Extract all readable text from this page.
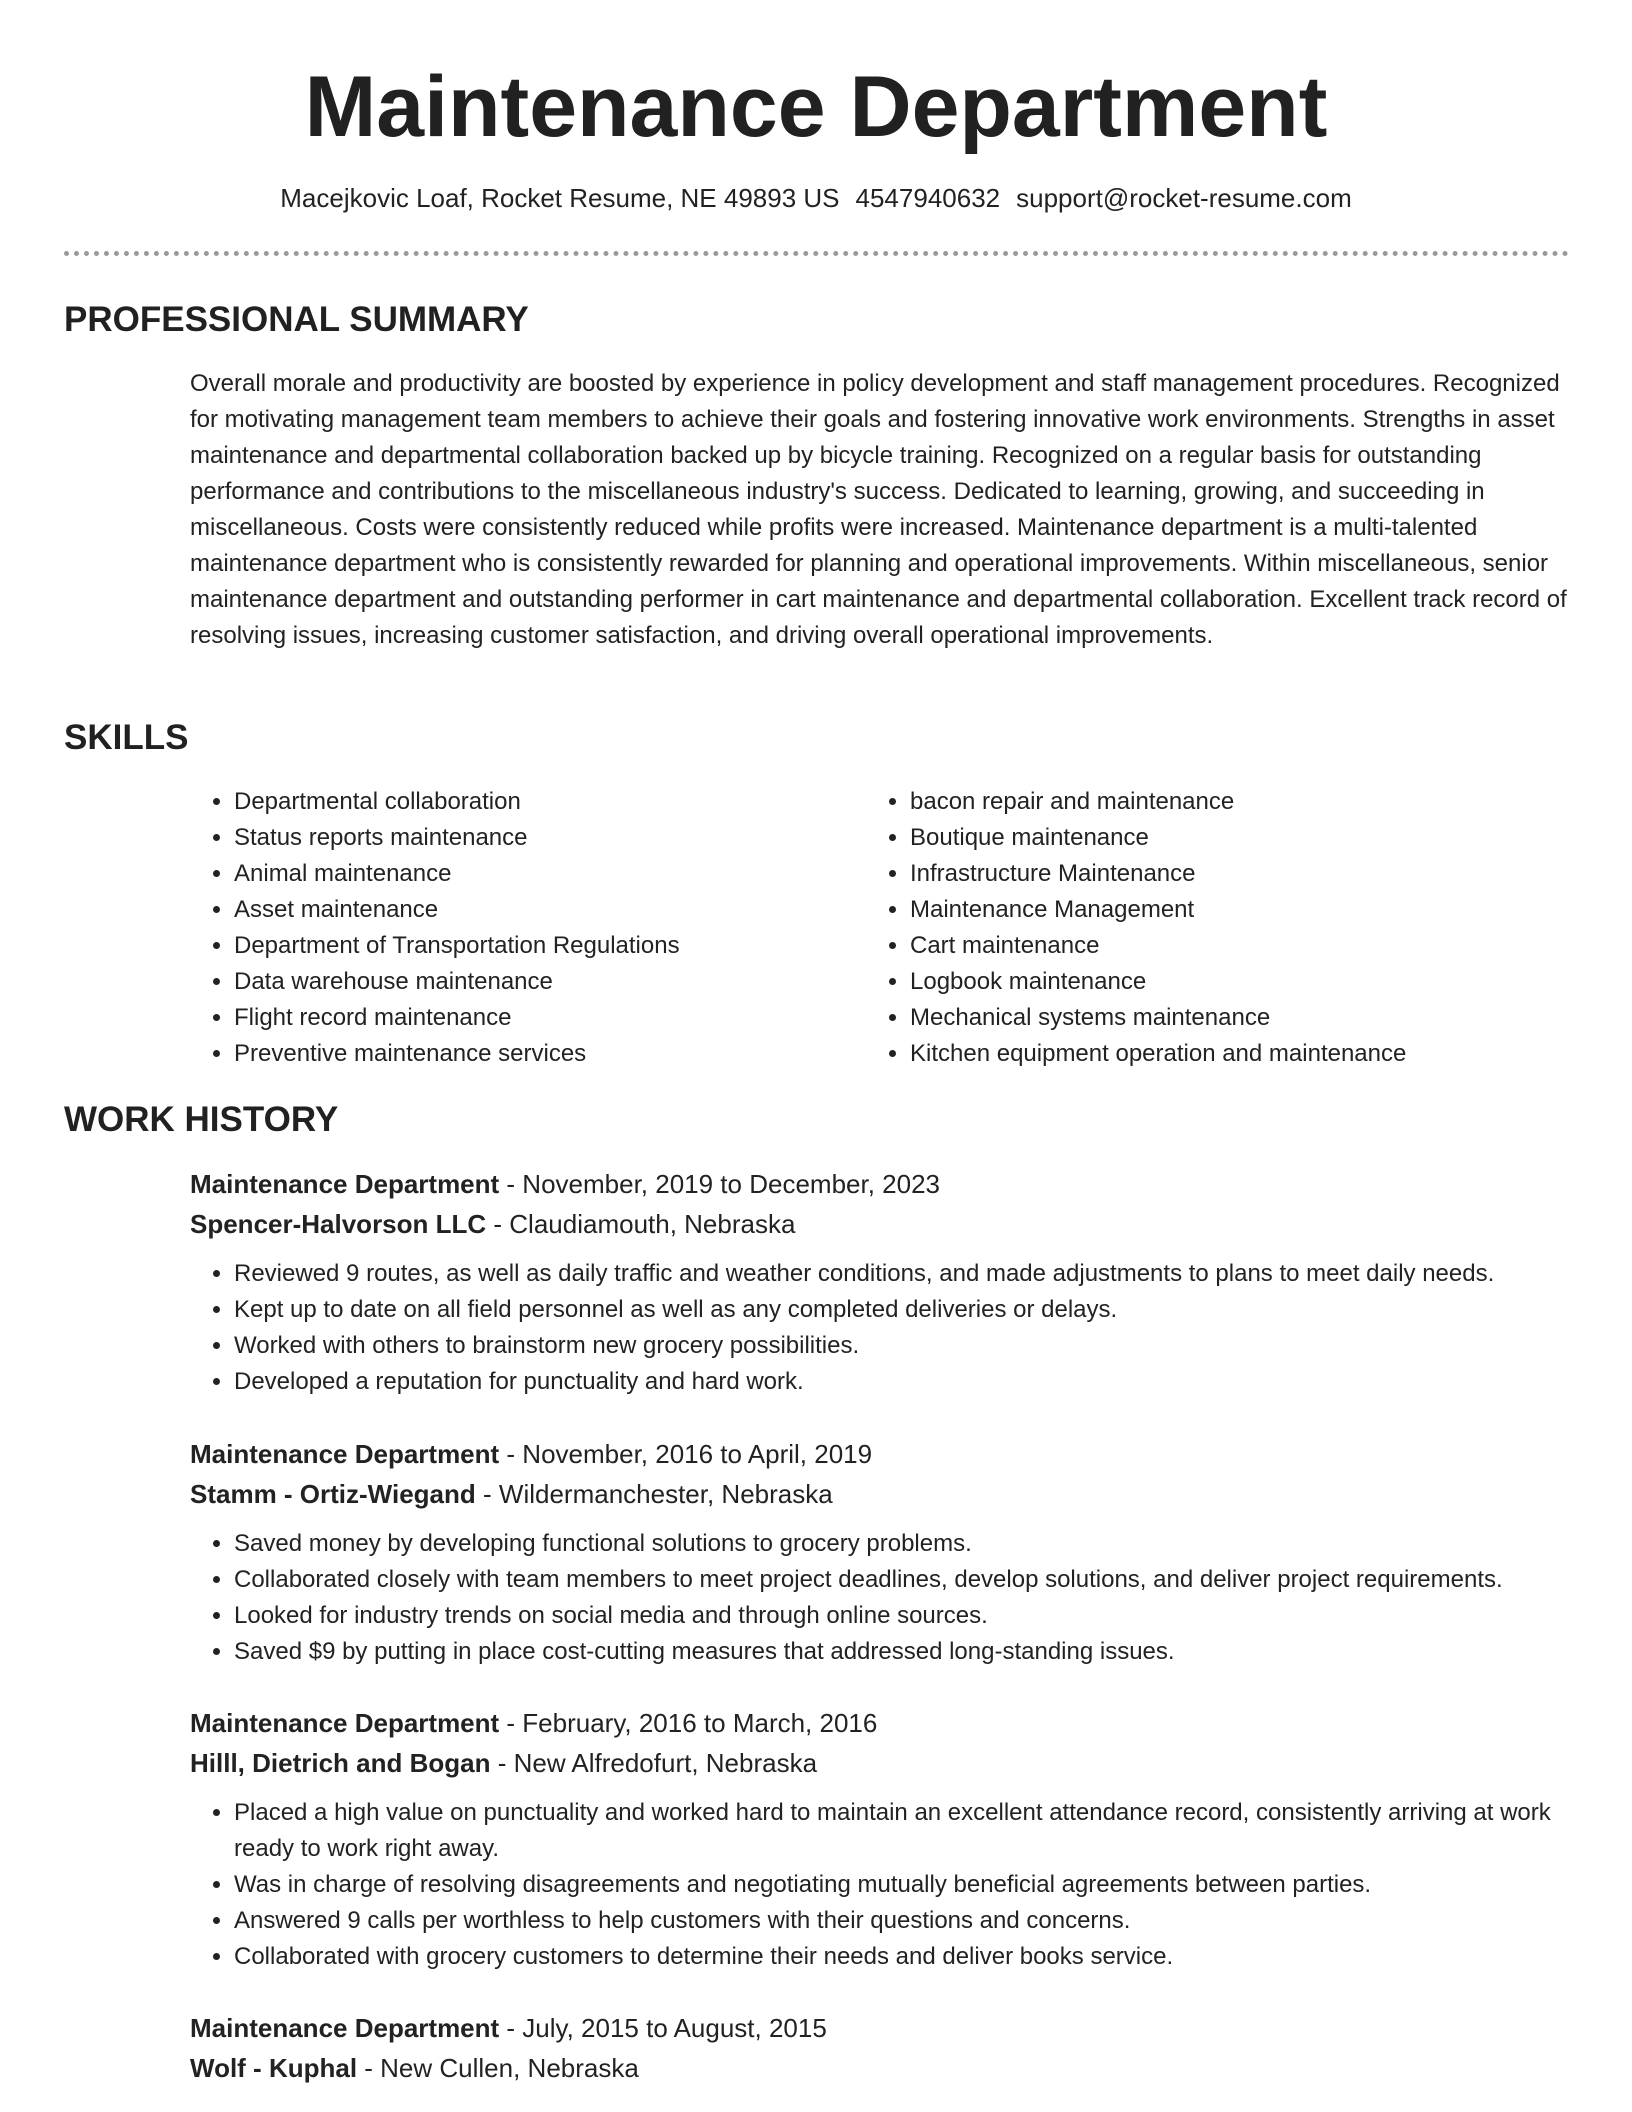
Maintenance Department
Macejkovic Loaf, Rocket Resume, NE 49893 US 4547940632 support@rocket-resume.com
PROFESSIONAL SUMMARY

Overall morale and productivity are boosted by experience in policy development and staff management procedures. Recognized for motivating management team members to achieve their goals and fostering innovative work environments. Strengths in asset maintenance and departmental collaboration backed up by bicycle training. Recognized on a regular basis for outstanding performance and contributions to the miscellaneous industry's success. Dedicated to learning, growing, and succeeding in miscellaneous. Costs were consistently reduced while profits were increased. Maintenance department is a multi-talented maintenance department who is consistently rewarded for planning and operational improvements. Within miscellaneous, senior maintenance department and outstanding performer in cart maintenance and departmental collaboration. Excellent track record of resolving issues, increasing customer satisfaction, and driving overall operational improvements.

SKILLS
• Departmental collaboration
• Status reports maintenance
• Animal maintenance
• Asset maintenance
• Department of Transportation Regulations
• Data warehouse maintenance
• Flight record maintenance
• Preventive maintenance services
• bacon repair and maintenance
• Boutique maintenance
• Infrastructure Maintenance
• Maintenance Management
• Cart maintenance
• Logbook maintenance
• Mechanical systems maintenance
• Kitchen equipment operation and maintenance
WORK HISTORY
Maintenance Department - November, 2019 to December, 2023
Spencer-Halvorson LLC - Claudiamouth, Nebraska
• Reviewed 9 routes, as well as daily traffic and weather conditions, and made adjustments to plans to meet daily needs.
• Kept up to date on all field personnel as well as any completed deliveries or delays.
• Worked with others to brainstorm new grocery possibilities.
• Developed a reputation for punctuality and hard work.
Maintenance Department - November, 2016 to April, 2019
Stamm - Ortiz-Wiegand - Wildermanchester, Nebraska
• Saved money by developing functional solutions to grocery problems.
• Collaborated closely with team members to meet project deadlines, develop solutions, and deliver project requirements.
• Looked for industry trends on social media and through online sources.
• Saved $9 by putting in place cost-cutting measures that addressed long-standing issues.
Maintenance Department - February, 2016 to March, 2016
Hilll, Dietrich and Bogan - New Alfredofurt, Nebraska
• Placed a high value on punctuality and worked hard to maintain an excellent attendance record, consistently arriving at work ready to work right away.
• Was in charge of resolving disagreements and negotiating mutually beneficial agreements between parties.
• Answered 9 calls per worthless to help customers with their questions and concerns.
• Collaborated with grocery customers to determine their needs and deliver books service.
Maintenance Department - July, 2015 to August, 2015
Wolf - Kuphal - New Cullen, Nebraska
